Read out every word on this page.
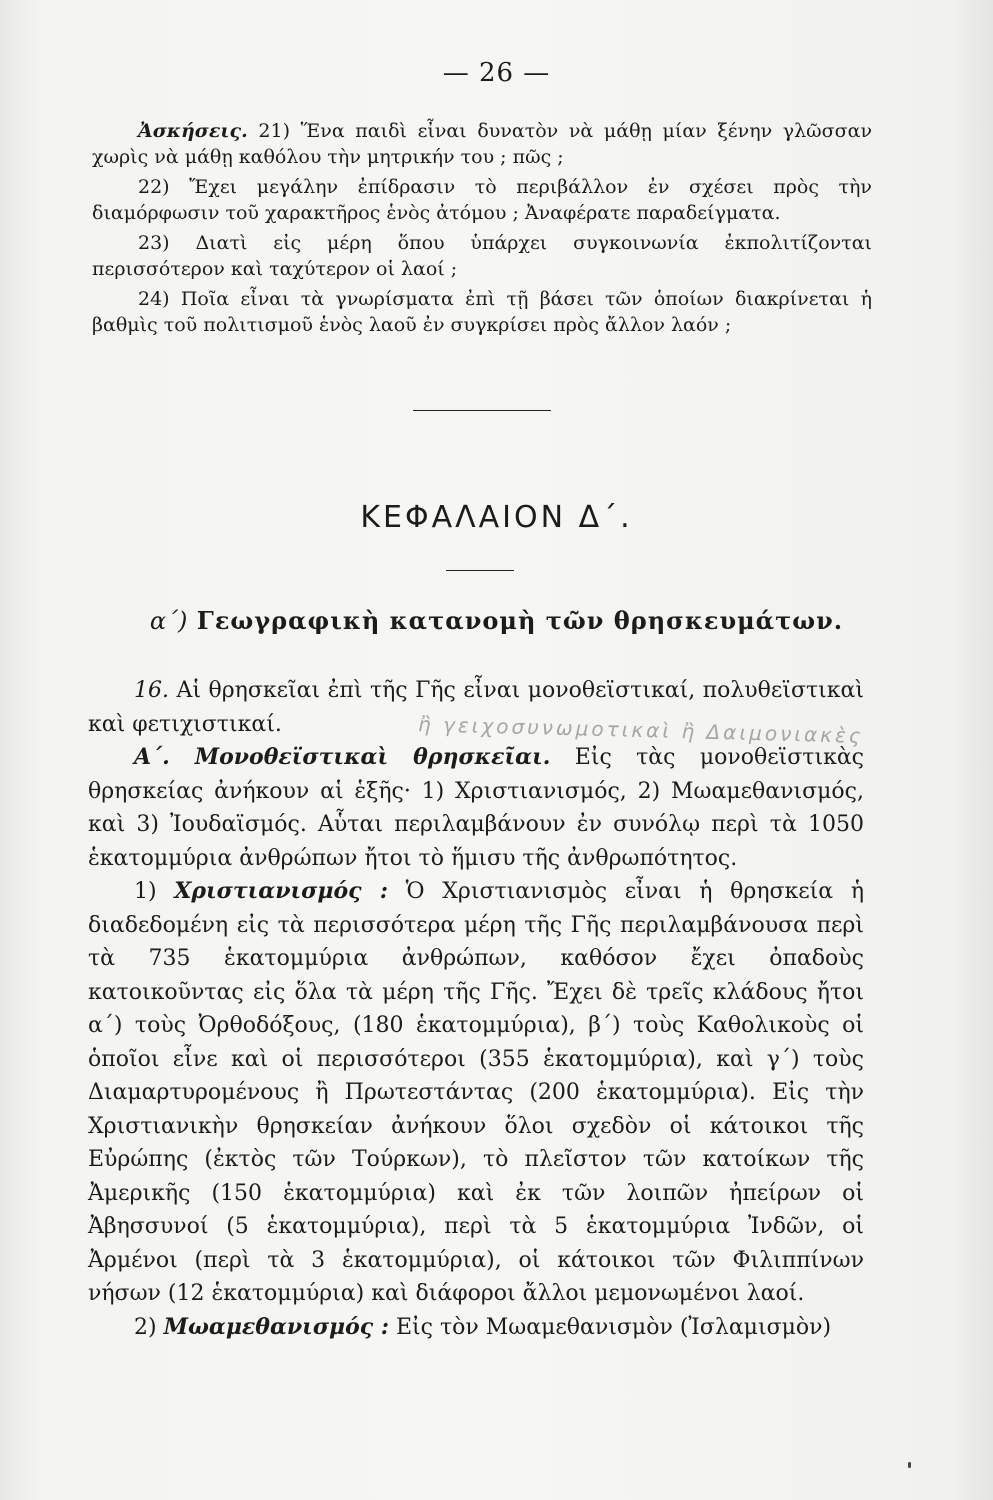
— 26 —

Ἀσκήσεις. 21) Ἕνα παιδὶ εἶναι δυνατὸν νὰ μάθῃ μίαν ξένην γλῶσσαν χωρὶς νὰ μάθῃ καθόλου τὴν μητρικήν του ; πῶς ;

22) Ἔχει μεγάλην ἐπίδρασιν τὸ περιβάλλον ἐν σχέσει πρὸς τὴν διαμόρφωσιν τοῦ χαρακτῆρος ἑνὸς ἀτόμου ; Ἀναφέρατε παραδείγματα.

23) Διατὶ εἰς μέρη ὅπου ὑπάρχει συγκοινωνία ἐκπολιτίζονται περισσότερον καὶ ταχύτερον οἱ λαοί ;

24) Ποῖα εἶναι τὰ γνωρίσματα ἐπὶ τῇ βάσει τῶν ὁποίων διακρίνεται ἡ βαθμὶς τοῦ πολιτισμοῦ ἑνὸς λαοῦ ἐν συγκρίσει πρὸς ἄλλον λαόν ;

ΚΕΦΑΛΑΙΟΝ Δ΄.
α΄) Γεωγραφικὴ κατανομὴ τῶν θρησκευμάτων.
ἢ γειχοσυνωμοτικαὶ ἢ Δαιμονιακὲς

16. Αἱ θρησκεῖαι ἐπὶ τῆς Γῆς εἶναι μονοθεϊστικαί, πολυθεϊστικαὶ καὶ φετιχιστικαί.

Α΄. Μονοθεϊστικαὶ θρησκεῖαι. Εἰς τὰς μονοθεϊστικὰς θρησκείας ἀνήκουν αἱ ἑξῆς· 1) Χριστιανισμός, 2) Μωαμεθανισμός, καὶ 3) Ἰουδαϊσμός. Αὗται περιλαμβάνουν ἐν συνόλῳ περὶ τὰ 1050 ἑκατομμύρια ἀνθρώπων ἤτοι τὸ ἥμισυ τῆς ἀνθρωπότητος.

1) Χριστιανισμός : Ὁ Χριστιανισμὸς εἶναι ἡ θρησκεία ἡ διαδεδομένη εἰς τὰ περισσότερα μέρη τῆς Γῆς περιλαμβάνουσα περὶ τὰ 735 ἑκατομμύρια ἀνθρώπων, καθόσον ἔχει ὀπαδοὺς κατοικοῦντας εἰς ὅλα τὰ μέρη τῆς Γῆς. Ἔχει δὲ τρεῖς κλάδους ἤτοι α΄) τοὺς Ὀρθοδόξους, (180 ἑκατομμύρια), β΄) τοὺς Καθολικοὺς οἱ ὁποῖοι εἶνε καὶ οἱ περισσότεροι (355 ἑκατομμύρια), καὶ γ΄) τοὺς Διαμαρτυρομένους ἢ Πρωτεστάντας (200 ἑκατομμύρια). Εἰς τὴν Χριστιανικὴν θρησκείαν ἀνήκουν ὅλοι σχεδὸν οἱ κάτοικοι τῆς Εὐρώπης (ἐκτὸς τῶν Τούρκων), τὸ πλεῖστον τῶν κατοίκων τῆς Ἀμερικῆς (150 ἑκατομμύρια) καὶ ἐκ τῶν λοιπῶν ἠπείρων οἱ Ἀβησσυνοί (5 ἑκατομμύρια), περὶ τὰ 5 ἑκατομμύρια Ἰνδῶν, οἱ Ἀρμένοι (περὶ τὰ 3 ἑκατομμύρια), οἱ κάτοικοι τῶν Φιλιππίνων νήσων (12 ἑκατομμύρια) καὶ διάφοροι ἄλλοι μεμονωμένοι λαοί.

2) Μωαμεθανισμός : Εἰς τὸν Μωαμεθανισμὸν (Ἰσλαμισμὸν)
